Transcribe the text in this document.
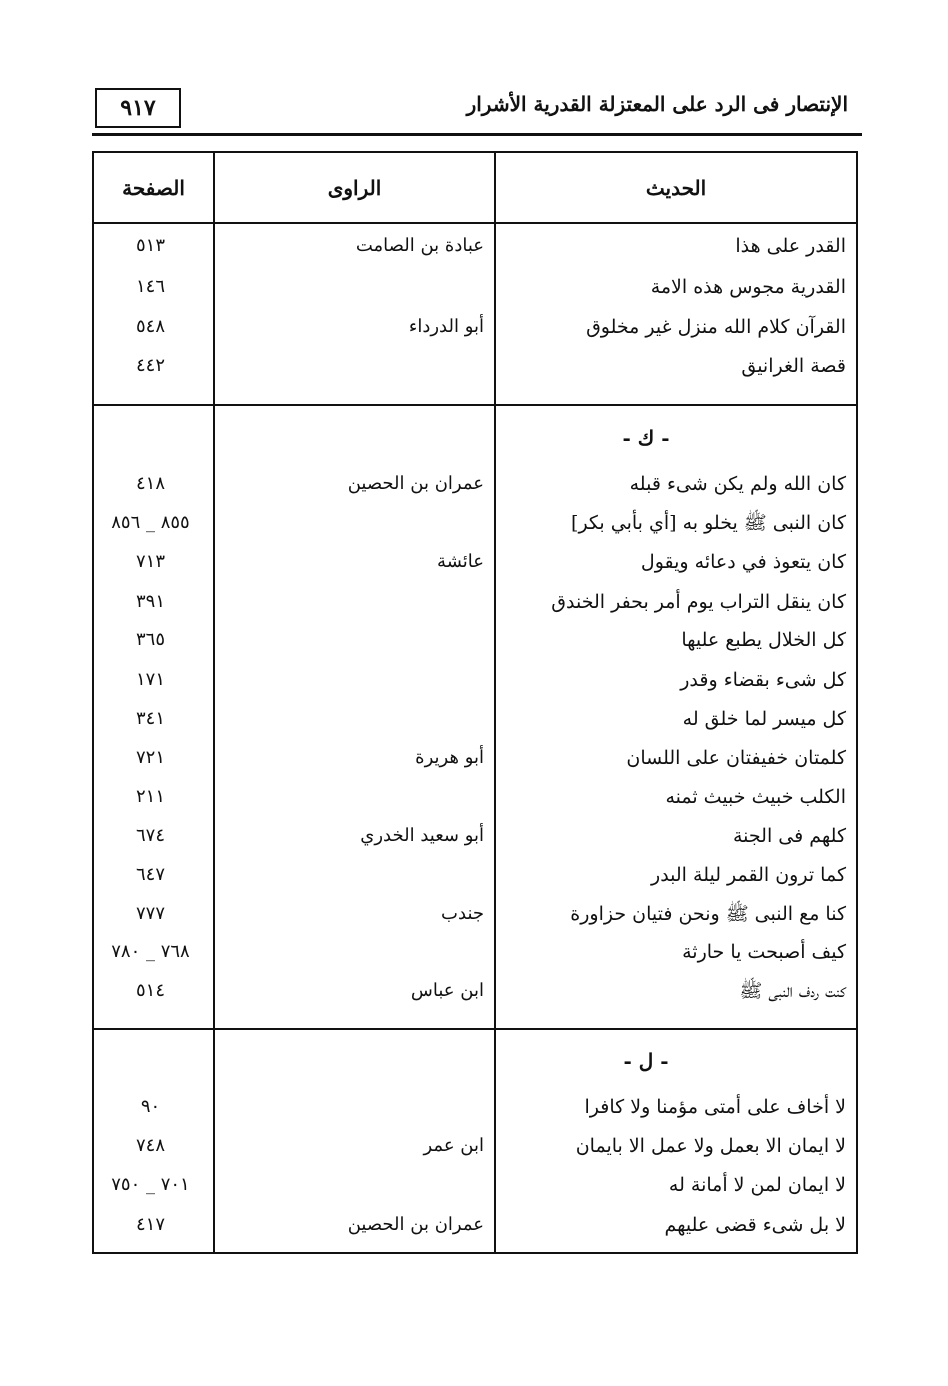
٩١٧	الإنتصار فى الرد على المعتزلة القدرية الأشرار
الحديث
الراوى
الصفحة
القدر على هذا
عبادة بن الصامت
٥١٣
القدرية مجوس هذه الامة
١٤٦
القرآن كلام الله منزل غير مخلوق
أبو الدرداء
٥٤٨
قصة الغرانيق
٤٤٢
- ك -
كان الله ولم يكن شىء قبله
عمران بن الحصين
٤١٨
كان النبى ﷺ يخلو به [أي بأبي بكر]
٨٥٥ _ ٨٥٦
كان يتعوذ في دعائه ويقول
عائشة
٧١٣
كان ينقل التراب يوم أمر بحفر الخندق
٣٩١
كل الخلال يطبع عليها
٣٦٥
كل شىء بقضاء وقدر
١٧١
كل ميسر لما خلق له
٣٤١
كلمتان خفيفتان على اللسان
أبو هريرة
٧٢١
الكلب خبيث خبيث ثمنه
٢١١
كلهم فى الجنة
أبو سعيد الخدري
٦٧٤
كما ترون القمر ليلة البدر
٦٤٧
كنا مع النبى ﷺ ونحن فتيان حزاورة
جندب
٧٧٧
كيف أصبحت يا حارثة
٧٦٨ _ ٧٨٠
كنت ردف النبى ﷺ
ابن عباس
٥١٤
- ل -
لا أخاف على أمتى مؤمنا ولا كافرا
٩٠
لا ايمان الا بعمل ولا عمل الا بايمان
ابن عمر
٧٤٨
لا ايمان لمن لا أمانة له
٧٠١ _ ٧٥٠
لا بل شىء قضى عليهم
عمران بن الحصين
٤١٧
